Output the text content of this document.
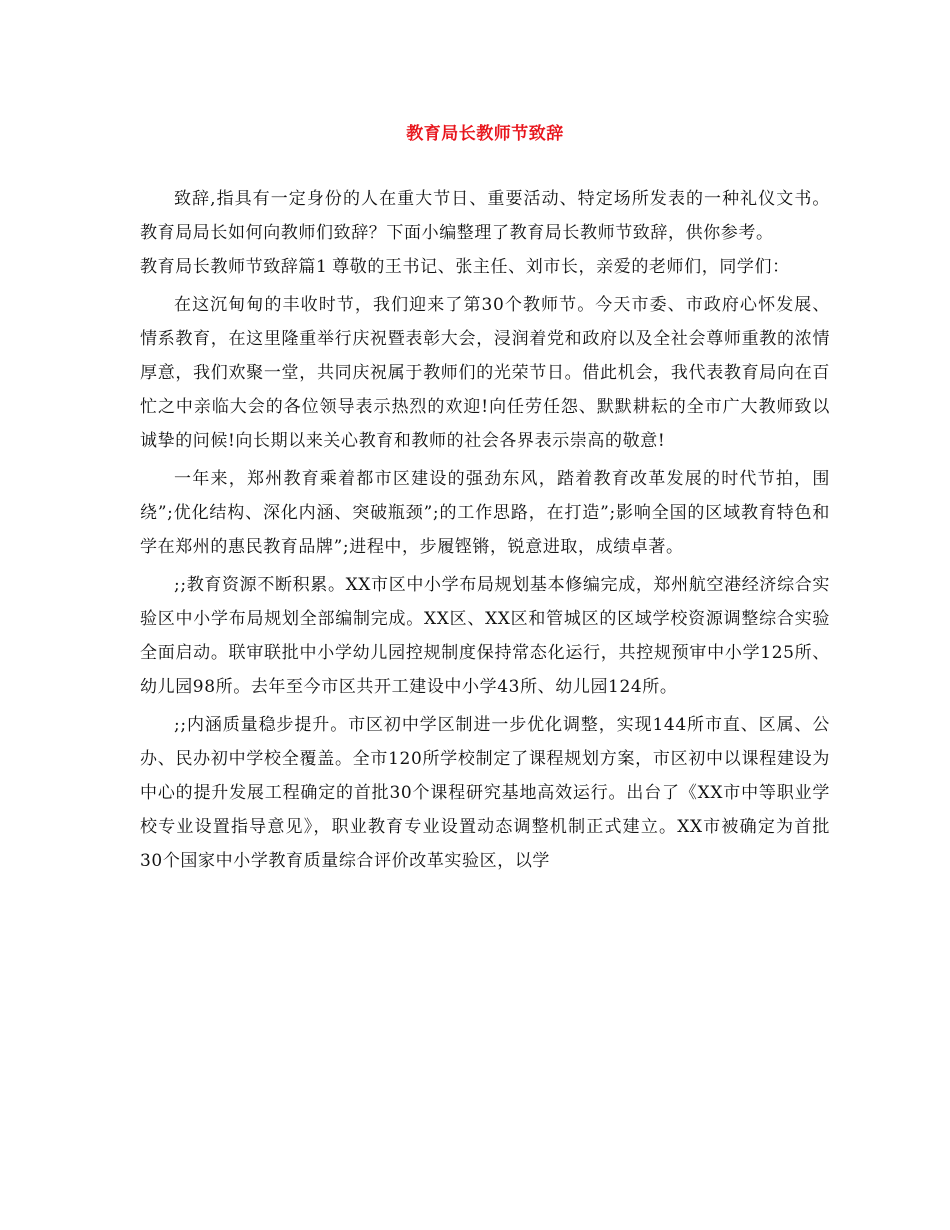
教育局长教师节致辞

致辞,指具有一定身份的人在重大节日、重要活动、特定场所发表的一种礼仪文书。教育局局长如何向教师们致辞？下面小编整理了教育局长教师节致辞，供你参考。

教育局长教师节致辞篇1	尊敬的王书记、张主任、刘市长，亲爱的老师们，同学们：

在这沉甸甸的丰收时节，我们迎来了第30个教师节。今天市委、市政府心怀发展、情系教育，在这里隆重举行庆祝暨表彰大会，浸润着党和政府以及全社会尊师重教的浓情厚意，我们欢聚一堂，共同庆祝属于教师们的光荣节日。借此机会，我代表教育局向在百忙之中亲临大会的各位领导表示热烈的欢迎!向任劳任怨、默默耕耘的全市广大教师致以诚挚的问候!向长期以来关心教育和教师的社会各界表示崇高的敬意!

一年来，郑州教育乘着都市区建设的强劲东风，踏着教育改革发展的时代节拍，围绕”;优化结构、深化内涵、突破瓶颈”;的工作思路，在打造”;影响全国的区域教育特色和学在郑州的惠民教育品牌”;进程中，步履铿锵，锐意进取，成绩卓著。

;;教育资源不断积累。XX市区中小学布局规划基本修编完成，郑州航空港经济综合实验区中小学布局规划全部编制完成。XX区、XX区和管城区的区域学校资源调整综合实验全面启动。联审联批中小学幼儿园控规制度保持常态化运行，共控规预审中小学125所、幼儿园98所。去年至今市区共开工建设中小学43所、幼儿园124所。

;;内涵质量稳步提升。市区初中学区制进一步优化调整，实现144所市直、区属、公办、民办初中学校全覆盖。全市120所学校制定了课程规划方案，市区初中以课程建设为中心的提升发展工程确定的首批30个课程研究基地高效运行。出台了《XX市中等职业学校专业设置指导意见》，职业教育专业设置动态调整机制正式建立。XX市被确定为首批30个国家中小学教育质量综合评价改革实验区，以学
